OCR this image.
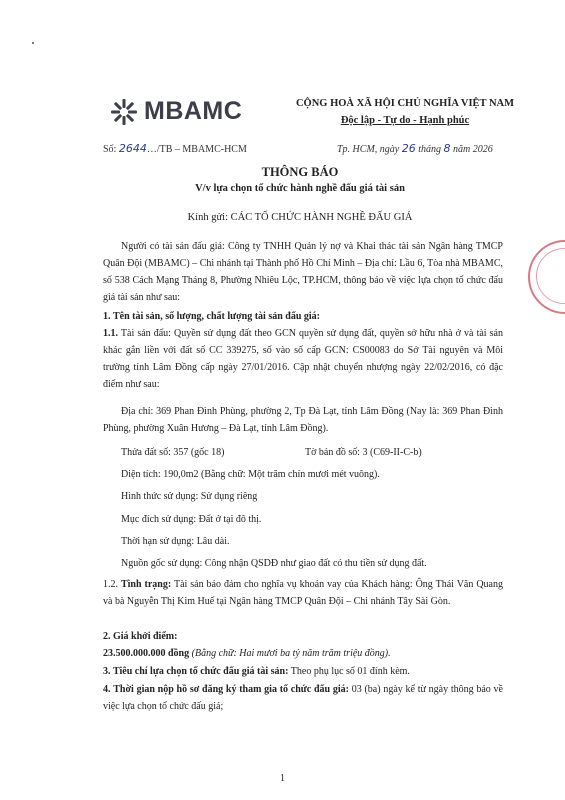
MBAMC	CỘNG HOÀ XÃ HỘI CHỦ NGHĨA VIỆT NAM
Độc lập - Tự do - Hạnh phúc
Số: 2644…/TB – MBAMC-HCM	Tp. HCM, ngày 26 tháng 8 năm 2026
THÔNG BÁO
V/v lựa chọn tổ chức hành nghề đấu giá tài sản
Kính gửi: CÁC TỔ CHỨC HÀNH NGHỀ ĐẤU GIÁ
Người có tài sản đấu giá: Công ty TNHH Quản lý nợ và Khai thác tài sản Ngân hàng TMCP Quân Đội (MBAMC) – Chi nhánh tại Thành phố Hồ Chí Minh – Địa chỉ: Lầu 6, Tòa nhà MBAMC, số 538 Cách Mạng Tháng 8, Phường Nhiêu Lộc, TP.HCM, thông báo về việc lựa chọn tổ chức đấu giá tài sản như sau:
1. Tên tài sản, số lượng, chất lượng tài sản đấu giá:
1.1. Tài sản đấu: Quyền sử dụng đất theo GCN quyền sử dụng đất, quyền sở hữu nhà ở và tài sản khác gắn liền với đất số CC 339275, số vào số cấp GCN: CS00083 do Sở Tài nguyên và Môi trường tỉnh Lâm Đồng cấp ngày 27/01/2016. Cập nhật chuyển nhượng ngày 22/02/2016, có đặc điểm như sau:
Địa chỉ: 369 Phan Đình Phùng, phường 2, Tp Đà Lạt, tỉnh Lâm Đồng (Nay là: 369 Phan Đình Phùng, phường Xuân Hương – Đà Lạt, tỉnh Lâm Đồng).
Thửa đất số: 357 (gốc 18)	Tờ bản đồ số: 3 (C69-II-C-b)
Diện tích: 190,0m2 (Bằng chữ: Một trăm chín mươi mét vuông).
Hình thức sử dụng: Sử dụng riêng
Mục đích sử dụng: Đất ở tại đô thị.
Thời hạn sử dụng: Lâu dài.
Nguồn gốc sử dụng: Công nhận QSDĐ như giao đất có thu tiền sử dụng đất.
1.2. Tình trạng: Tài sản bảo đảm cho nghĩa vụ khoản vay của Khách hàng: Ông Thái Văn Quang và bà Nguyễn Thị Kim Huế tại Ngân hàng TMCP Quân Đội – Chi nhánh Tây Sài Gòn.
2. Giá khởi điểm:
23.500.000.000 đồng (Bằng chữ: Hai mươi ba tỷ năm trăm triệu đồng).
3. Tiêu chí lựa chọn tổ chức đấu giá tài sản: Theo phụ lục số 01 đính kèm.
4. Thời gian nộp hồ sơ đăng ký tham gia tổ chức đấu giá: 03 (ba) ngày kể từ ngày thông báo về việc lựa chọn tổ chức đấu giá;
1
